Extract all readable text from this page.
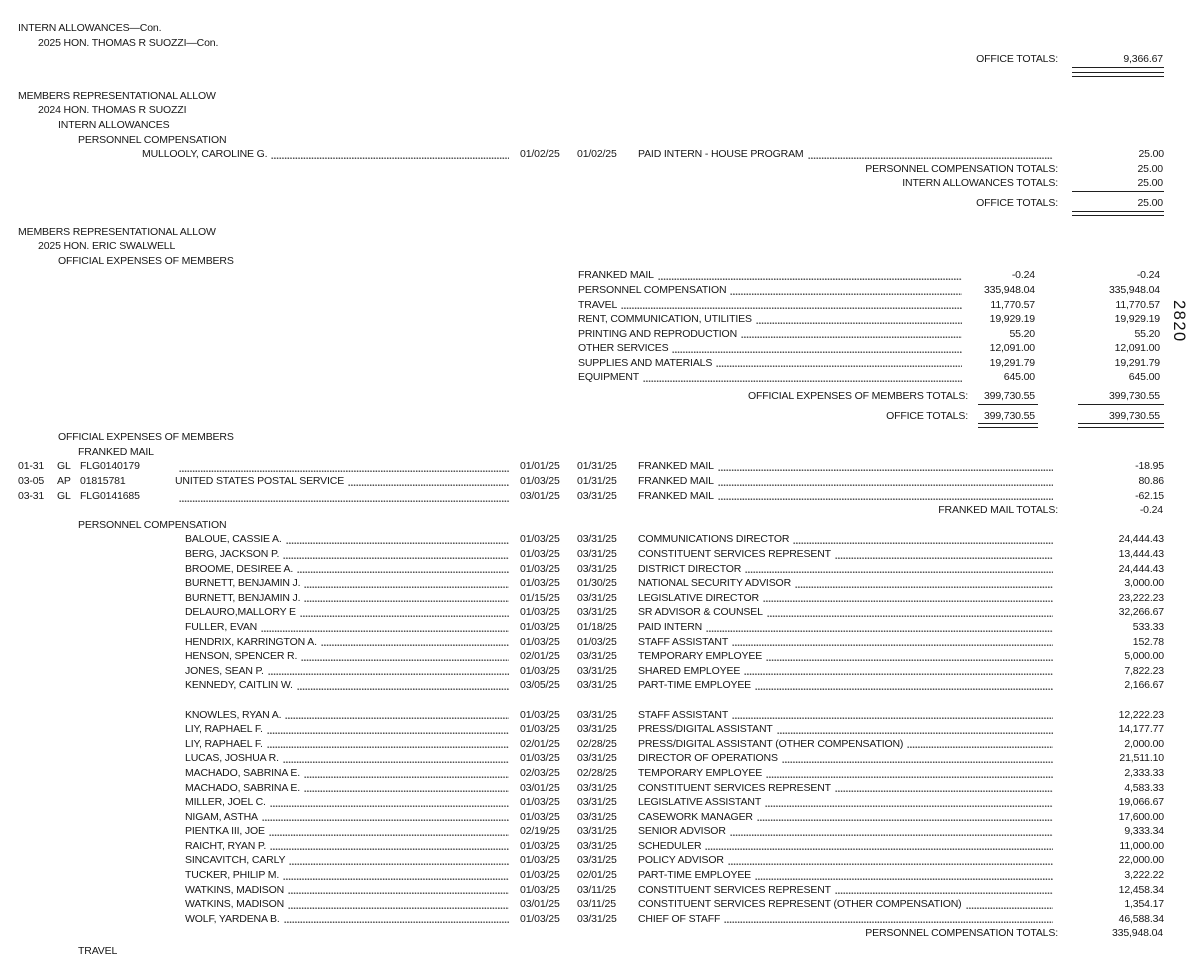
2820
INTERN ALLOWANCES—Con.
2025 HON. THOMAS R SUOZZI—Con.
OFFICE TOTALS:	9,366.67
MEMBERS REPRESENTATIONAL ALLOW
2024 HON. THOMAS R SUOZZI
INTERN ALLOWANCES
PERSONNEL COMPENSATION
MULLOOLY, CAROLINE G.	01/02/25	01/02/25	PAID INTERN - HOUSE PROGRAM	25.00
PERSONNEL COMPENSATION TOTALS:	25.00
INTERN ALLOWANCES TOTALS:	25.00
OFFICE TOTALS:	25.00
MEMBERS REPRESENTATIONAL ALLOW
2025 HON. ERIC SWALWELL
OFFICIAL EXPENSES OF MEMBERS
FRANKED MAIL	-0.24	-0.24
PERSONNEL COMPENSATION	335,948.04	335,948.04
TRAVEL	11,770.57	11,770.57
RENT, COMMUNICATION, UTILITIES	19,929.19	19,929.19
PRINTING AND REPRODUCTION	55.20	55.20
OTHER SERVICES	12,091.00	12,091.00
SUPPLIES AND MATERIALS	19,291.79	19,291.79
EQUIPMENT	645.00	645.00
OFFICIAL EXPENSES OF MEMBERS TOTALS:	399,730.55	399,730.55
OFFICE TOTALS:	399,730.55	399,730.55
OFFICIAL EXPENSES OF MEMBERS
FRANKED MAIL
01-31	GL FLG0140179	01/01/25	01/31/25	FRANKED MAIL	-18.95
03-05	AP 01815781	UNITED STATES POSTAL SERVICE	01/03/25	01/31/25	FRANKED MAIL	80.86
03-31	GL FLG0141685	03/01/25	03/31/25	FRANKED MAIL	-62.15
FRANKED MAIL TOTALS:	-0.24
PERSONNEL COMPENSATION
BALOUE, CASSIE A.	01/03/25	03/31/25	COMMUNICATIONS DIRECTOR	24,444.43
BERG, JACKSON P.	01/03/25	03/31/25	CONSTITUENT SERVICES REPRESENT	13,444.43
BROOME, DESIREE A.	01/03/25	03/31/25	DISTRICT DIRECTOR	24,444.43
BURNETT, BENJAMIN J.	01/03/25	01/30/25	NATIONAL SECURITY ADVISOR	3,000.00
BURNETT, BENJAMIN J.	01/15/25	03/31/25	LEGISLATIVE DIRECTOR	23,222.23
DELAURO,MALLORY E	01/03/25	03/31/25	SR ADVISOR & COUNSEL	32,266.67
FULLER, EVAN	01/03/25	01/18/25	PAID INTERN	533.33
HENDRIX, KARRINGTON A.	01/03/25	01/03/25	STAFF ASSISTANT	152.78
HENSON, SPENCER R.	02/01/25	03/31/25	TEMPORARY EMPLOYEE	5,000.00
JONES, SEAN P.	01/03/25	03/31/25	SHARED EMPLOYEE	7,822.23
KENNEDY, CAITLIN W.	03/05/25	03/31/25	PART-TIME EMPLOYEE	2,166.67
KNOWLES, RYAN A.	01/03/25	03/31/25	STAFF ASSISTANT	12,222.23
LIY, RAPHAEL F.	01/03/25	03/31/25	PRESS/DIGITAL ASSISTANT	14,177.77
LIY, RAPHAEL F.	02/01/25	02/28/25	PRESS/DIGITAL ASSISTANT (OTHER COMPENSATION)	2,000.00
LUCAS, JOSHUA R.	01/03/25	03/31/25	DIRECTOR OF OPERATIONS	21,511.10
MACHADO, SABRINA E.	02/03/25	02/28/25	TEMPORARY EMPLOYEE	2,333.33
MACHADO, SABRINA E.	03/01/25	03/31/25	CONSTITUENT SERVICES REPRESENT	4,583.33
MILLER, JOEL C.	01/03/25	03/31/25	LEGISLATIVE ASSISTANT	19,066.67
NIGAM, ASTHA	01/03/25	03/31/25	CASEWORK MANAGER	17,600.00
PIENTKA III, JOE	02/19/25	03/31/25	SENIOR ADVISOR	9,333.34
RAICHT, RYAN P.	01/03/25	03/31/25	SCHEDULER	11,000.00
SINCAVITCH, CARLY	01/03/25	03/31/25	POLICY ADVISOR	22,000.00
TUCKER, PHILIP M.	01/03/25	02/01/25	PART-TIME EMPLOYEE	3,222.22
WATKINS, MADISON	01/03/25	03/11/25	CONSTITUENT SERVICES REPRESENT	12,458.34
WATKINS, MADISON	03/01/25	03/11/25	CONSTITUENT SERVICES REPRESENT (OTHER COMPENSATION)	1,354.17
WOLF, YARDENA B.	01/03/25	03/31/25	CHIEF OF STAFF	46,588.34
PERSONNEL COMPENSATION TOTALS:	335,948.04
TRAVEL
